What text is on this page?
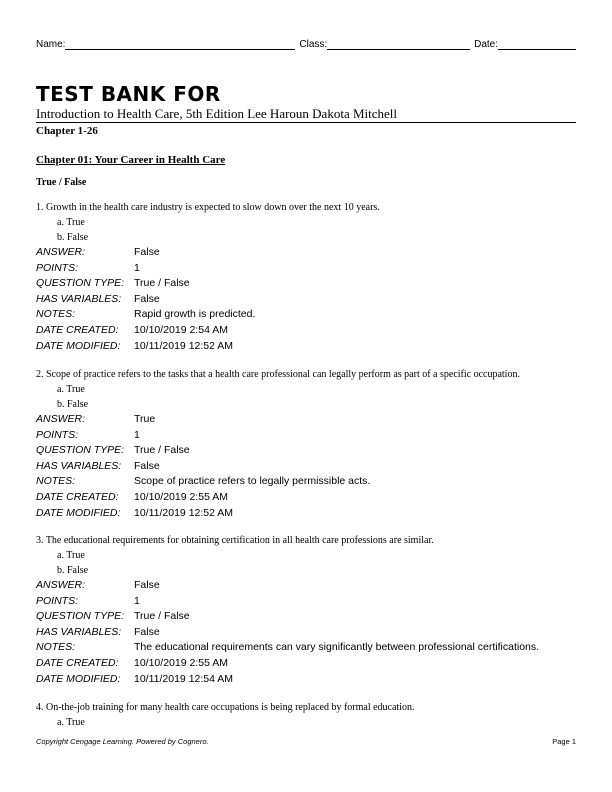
Name:	Class:	Date:
TEST BANK FOR
Introduction to Health Care, 5th Edition Lee Haroun Dakota Mitchell
Chapter 1-26
Chapter 01: Your Career in Health Care
True / False
1. Growth in the health care industry is expected to slow down over the next 10 years.
a. True
b. False
ANSWER:	False
POINTS:	1
QUESTION TYPE: True / False
HAS VARIABLES:	False
NOTES:	Rapid growth is predicted.
DATE CREATED:	10/10/2019 2:54 AM
DATE MODIFIED:	10/11/2019 12:52 AM
2. Scope of practice refers to the tasks that a health care professional can legally perform as part of a specific occupation.
a. True
b. False
ANSWER:	True
POINTS:	1
QUESTION TYPE: True / False
HAS VARIABLES:	False
NOTES:	Scope of practice refers to legally permissible acts.
DATE CREATED:	10/10/2019 2:55 AM
DATE MODIFIED:	10/11/2019 12:52 AM
3. The educational requirements for obtaining certification in all health care professions are similar.
a. True
b. False
ANSWER:	False
POINTS:	1
QUESTION TYPE: True / False
HAS VARIABLES:	False
NOTES:	The educational requirements can vary significantly between professional certifications.
DATE CREATED:	10/10/2019 2:55 AM
DATE MODIFIED:	10/11/2019 12:54 AM
4. On-the-job training for many health care occupations is being replaced by formal education.
a. True
Copyright Cengage Learning. Powered by Cognero.	Page 1
